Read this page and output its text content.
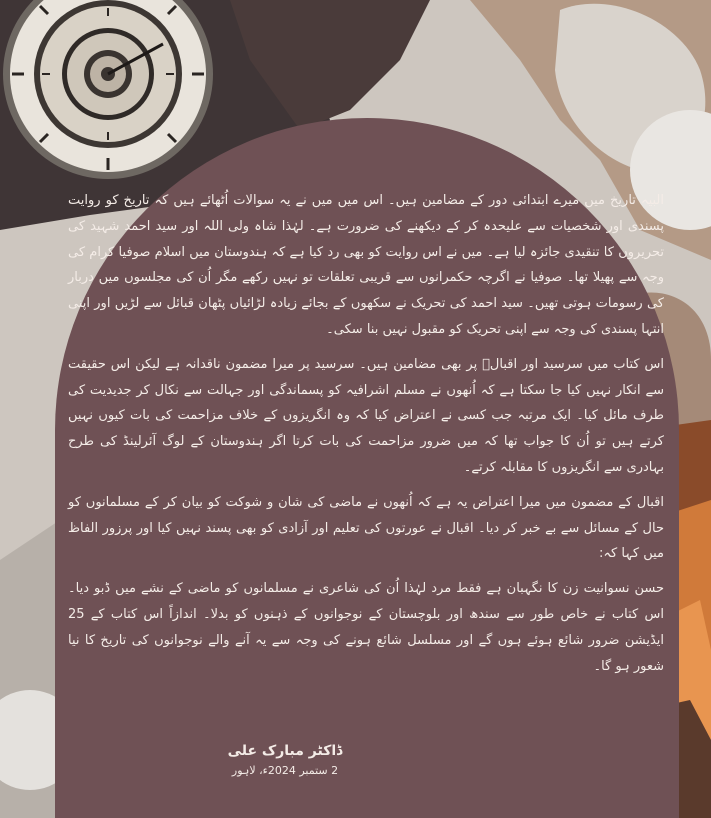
البیہ تاریخ میں میرے ابتدائی دور کے مضامین ہیں۔ اس میں میں نے یہ سوالات اُٹھائے ہیں کہ تاریخ کو روایت پسندی اور شخصیات سے علیحدہ کر کے دیکھنے کی ضرورت ہے۔ لہٰذا شاہ ولی اللہ اور سید احمد شہید کی تحریروں کا تنقیدی جائزہ لیا ہے۔ میں نے اس روایت کو بھی رد کیا ہے کہ ہندوستان میں اسلام صوفیا کرام کی وجہ سے پھیلا تھا۔ صوفیا نے اگرچہ حکمرانوں سے قریبی تعلقات تو نہیں رکھے مگر اُن کی مجلسوں میں دربار کی رسومات ہوتی تھیں۔ سید احمد کی تحریک نے سکھوں کے بجائے زیادہ لڑائیاں پٹھان قبائل سے لڑیں اور اپنی انتہا پسندی کی وجہ سے اپنی تحریک کو مقبول نہیں بنا سکی۔

اس کتاب میں سرسید اور اقبالؒ پر بھی مضامین ہیں۔ سرسید پر میرا مضمون ناقدانہ ہے لیکن اس حقیقت سے انکار نہیں کیا جا سکتا ہے کہ اُنھوں نے مسلم اشرافیہ کو پسماندگی اور جہالت سے نکال کر جدیدیت کی طرف مائل کیا۔ ایک مرتبہ جب کسی نے اعتراض کیا کہ وہ انگریزوں کے خلاف مزاحمت کی بات کیوں نہیں کرتے ہیں تو اُن کا جواب تھا کہ میں ضرور مزاحمت کی بات کرتا اگر ہندوستان کے لوگ آئرلینڈ کی طرح بہادری سے انگریزوں کا مقابلہ کرتے۔

اقبال کے مضمون میں میرا اعتراض یہ ہے کہ اُنھوں نے ماضی کی شان و شوکت کو بیان کر کے مسلمانوں کو حال کے مسائل سے بے خبر کر دیا۔ اقبال نے عورتوں کی تعلیم اور آزادی کو بھی پسند نہیں کیا اور پرزور الفاظ میں کہا کہ:

حسن نسوانیت زن کا نگہبان ہے فقط مرد لہٰذا اُن کی شاعری نے مسلمانوں کو ماضی کے نشے میں ڈبو دیا۔ اس کتاب نے خاص طور سے سندھ اور بلوچستان کے نوجوانوں کے ذہنوں کو بدلا۔ اندازاً اس کتاب کے 25 ایڈیشن ضرور شائع ہوئے ہوں گے اور مسلسل شائع ہونے کی وجہ سے یہ آنے والے نوجوانوں کی تاریخ کا نیا شعور ہو گا۔

ڈاکٹر مبارک علی
2 ستمبر 2024ء، لاہور
